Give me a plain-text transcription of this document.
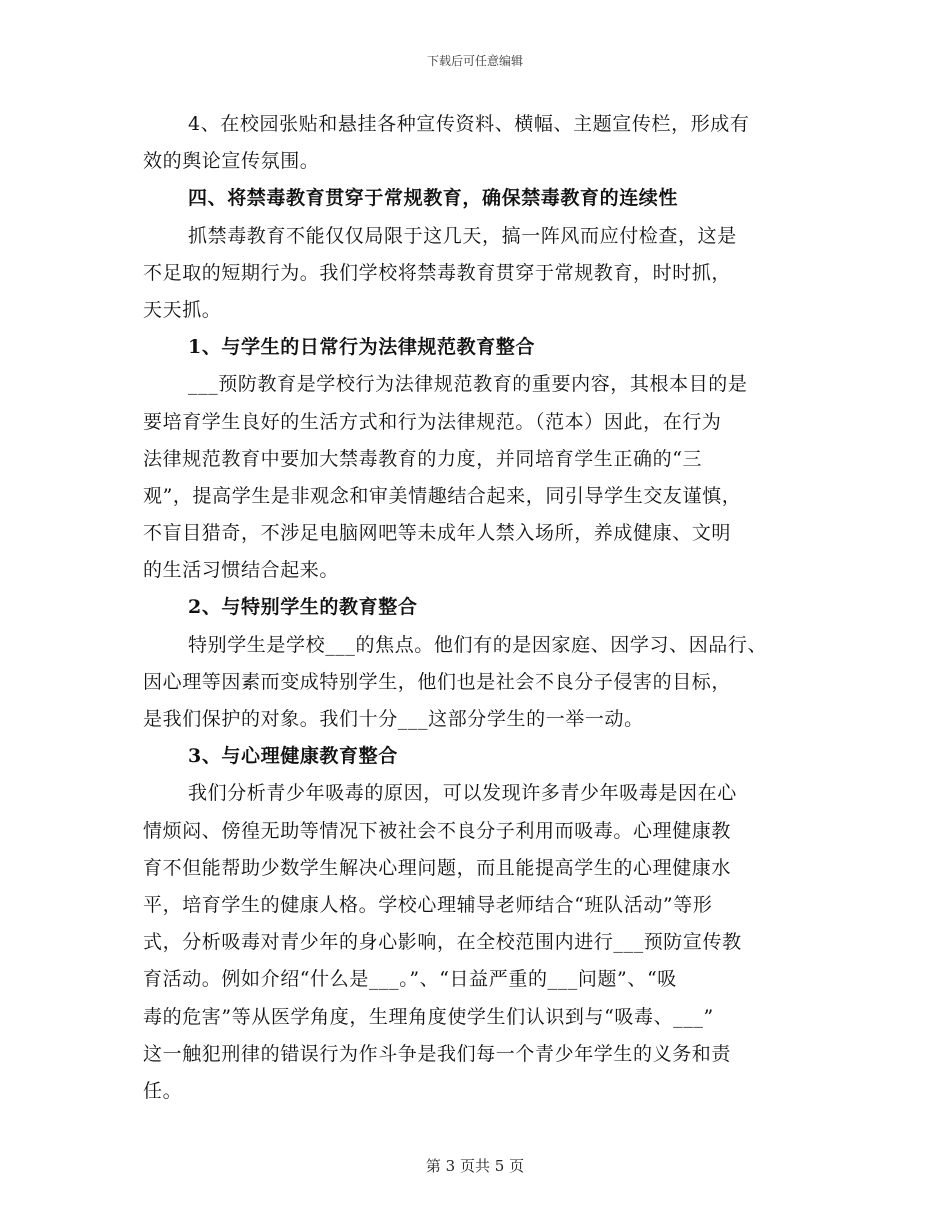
下载后可任意编辑
4、在校园张贴和悬挂各种宣传资料、横幅、主题宣传栏，形成有
效的舆论宣传氛围。
四、将禁毒教育贯穿于常规教育，确保禁毒教育的连续性
抓禁毒教育不能仅仅局限于这几天，搞一阵风而应付检查，这是
不足取的短期行为。我们学校将禁毒教育贯穿于常规教育，时时抓，
天天抓。
1、与学生的日常行为法律规范教育整合
___预防教育是学校行为法律规范教育的重要内容，其根本目的是
要培育学生良好的生活方式和行为法律规范。（范本）因此，在行为
法律规范教育中要加大禁毒教育的力度，并同培育学生正确的“三
观”，提高学生是非观念和审美情趣结合起来，同引导学生交友谨慎，
不盲目猎奇，不涉足电脑网吧等未成年人禁入场所，养成健康、文明
的生活习惯结合起来。
2、与特别学生的教育整合
特别学生是学校___的焦点。他们有的是因家庭、因学习、因品行、
因心理等因素而变成特别学生，他们也是社会不良分子侵害的目标，
是我们保护的对象。我们十分___这部分学生的一举一动。
3、与心理健康教育整合
我们分析青少年吸毒的原因，可以发现许多青少年吸毒是因在心
情烦闷、傍徨无助等情况下被社会不良分子利用而吸毒。心理健康教
育不但能帮助少数学生解决心理问题，而且能提高学生的心理健康水
平，培育学生的健康人格。学校心理辅导老师结合“班队活动”等形
式，分析吸毒对青少年的身心影响，在全校范围内进行___预防宣传教
育活动。例如介绍“什么是___。”、“日益严重的___问题”、“吸
毒的危害”等从医学角度，生理角度使学生们认识到与“吸毒、___”
这一触犯刑律的错误行为作斗争是我们每一个青少年学生的义务和责
任。
第 3 页共 5 页
